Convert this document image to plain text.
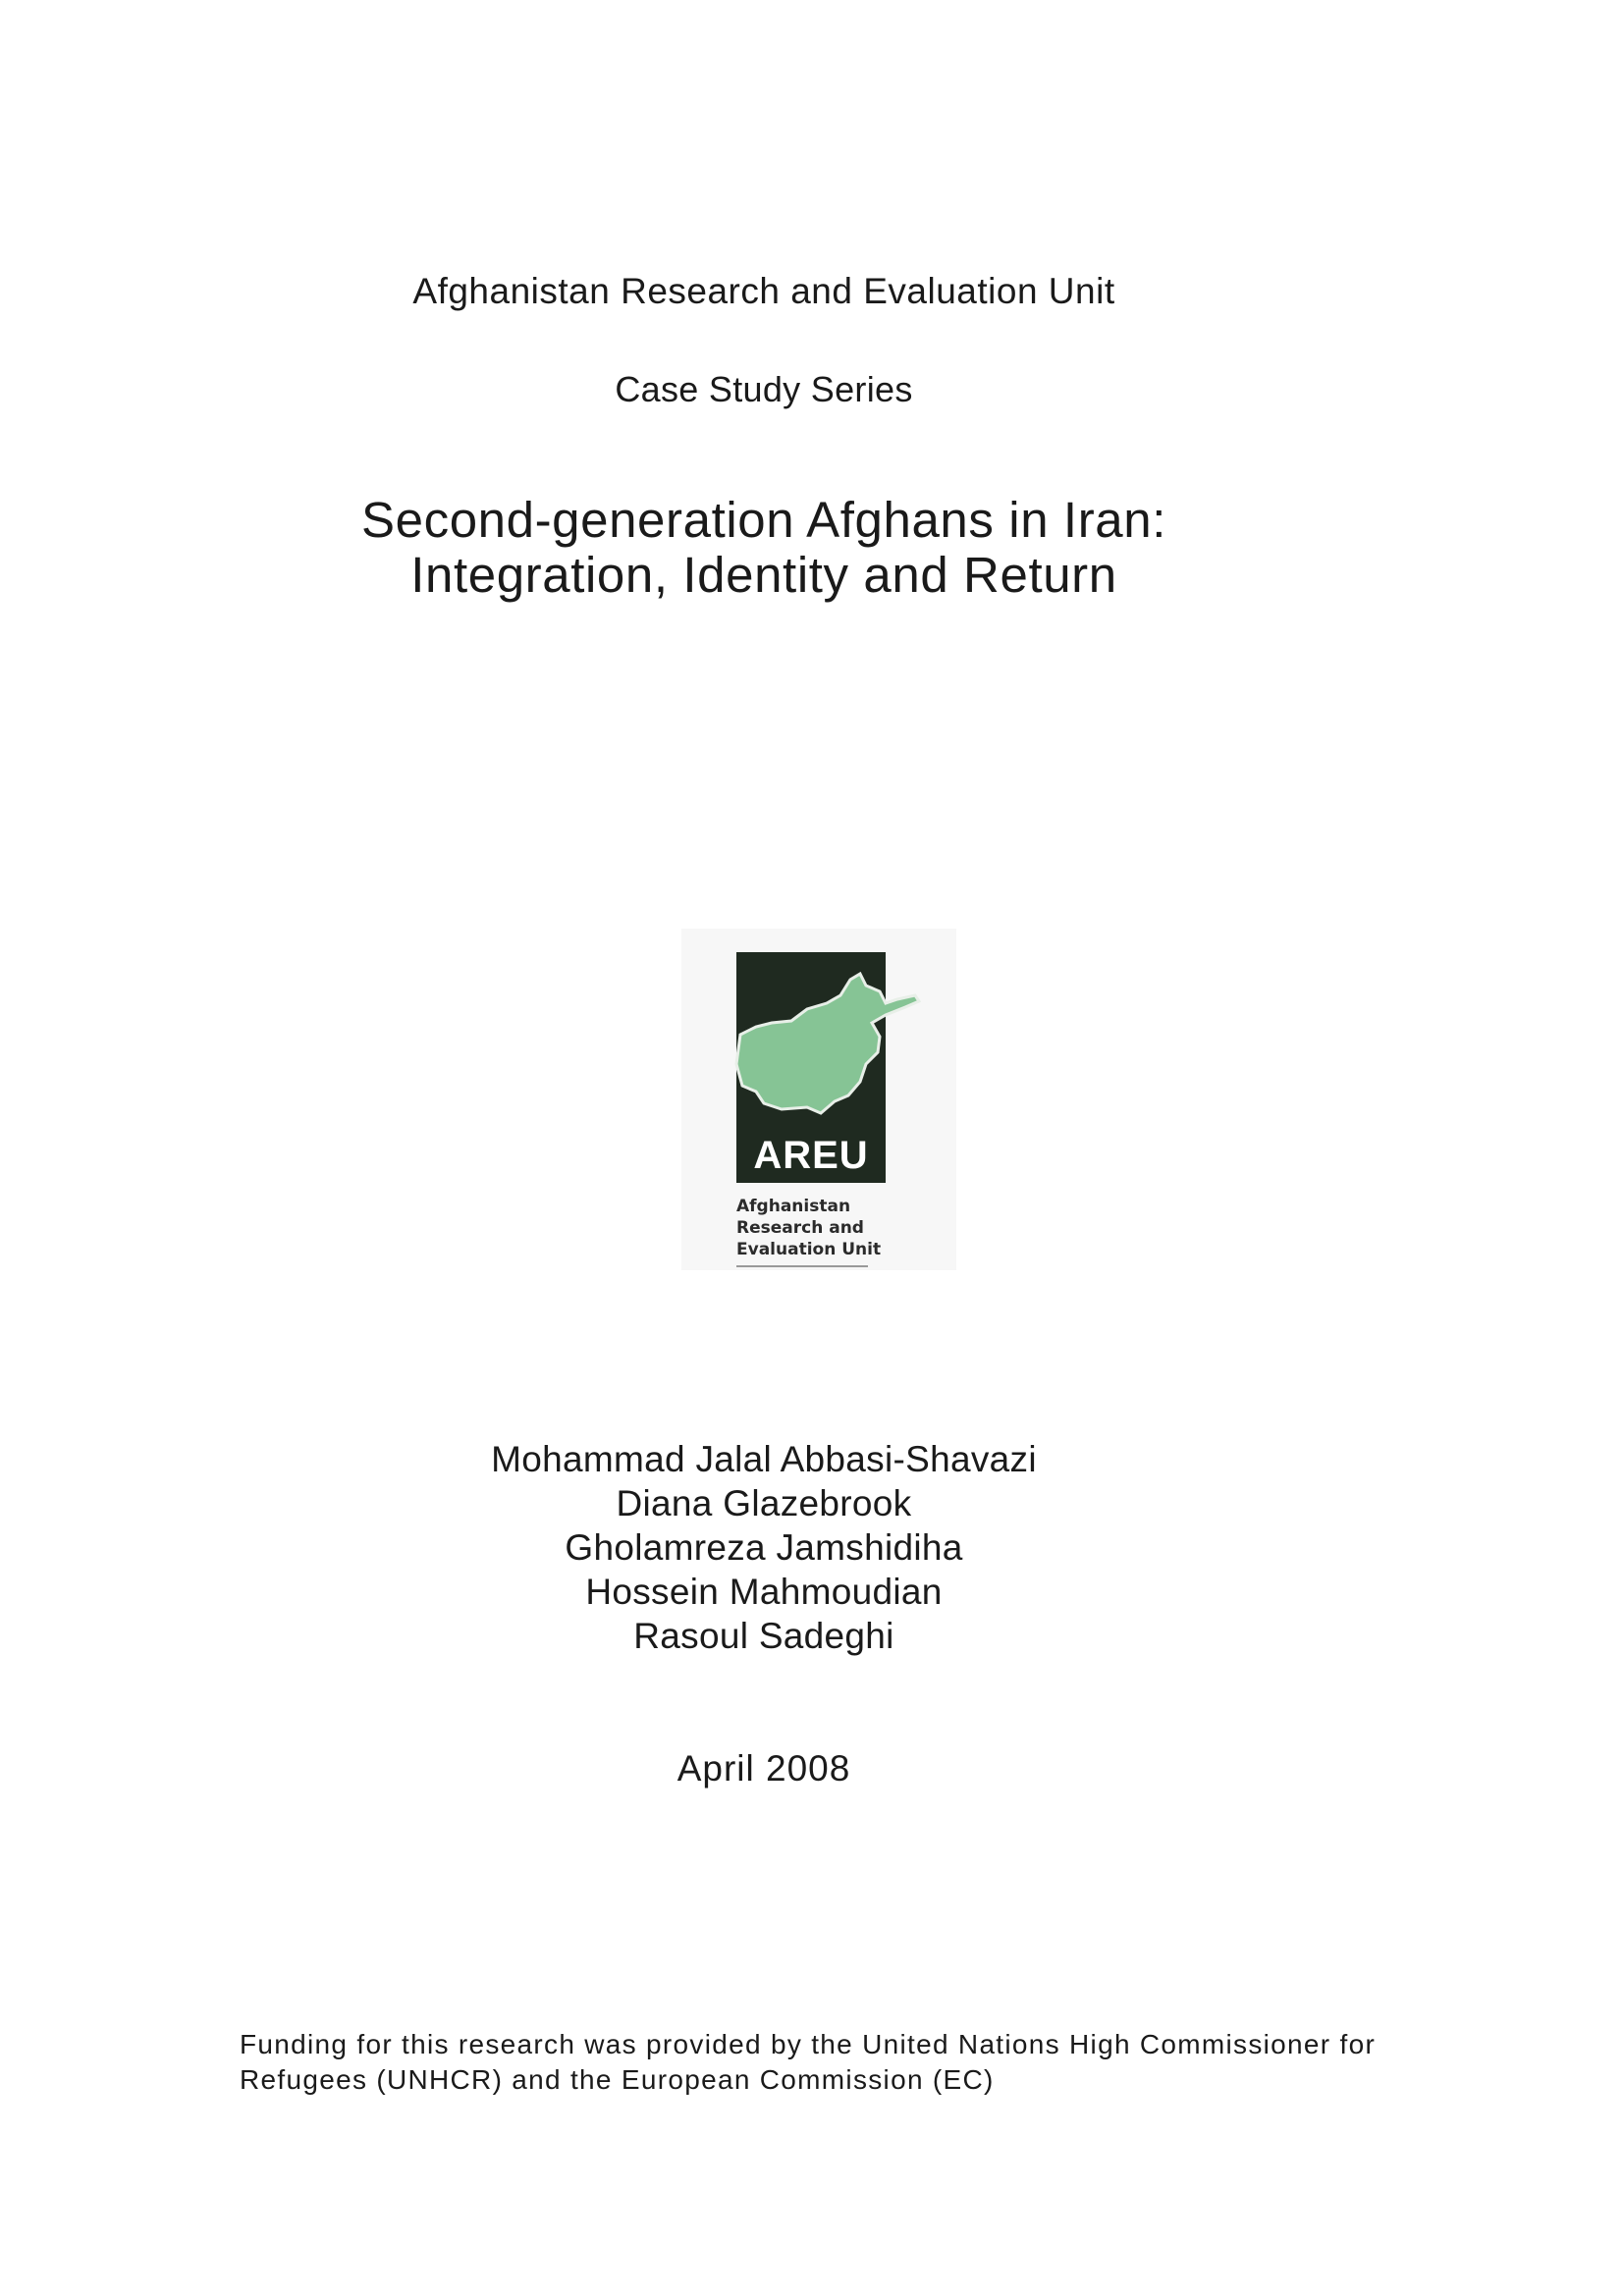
Afghanistan Research and Evaluation Unit
Case Study Series
Second-generation Afghans in Iran:
Integration, Identity and Return
AREU
Afghanistan
Research and
Evaluation Unit
Mohammad Jalal Abbasi-Shavazi
Diana Glazebrook
Gholamreza Jamshidiha
Hossein Mahmoudian
Rasoul Sadeghi
April 2008
Funding for this research was provided by the United Nations High Commissioner for
Refugees (UNHCR) and the European Commission (EC)
